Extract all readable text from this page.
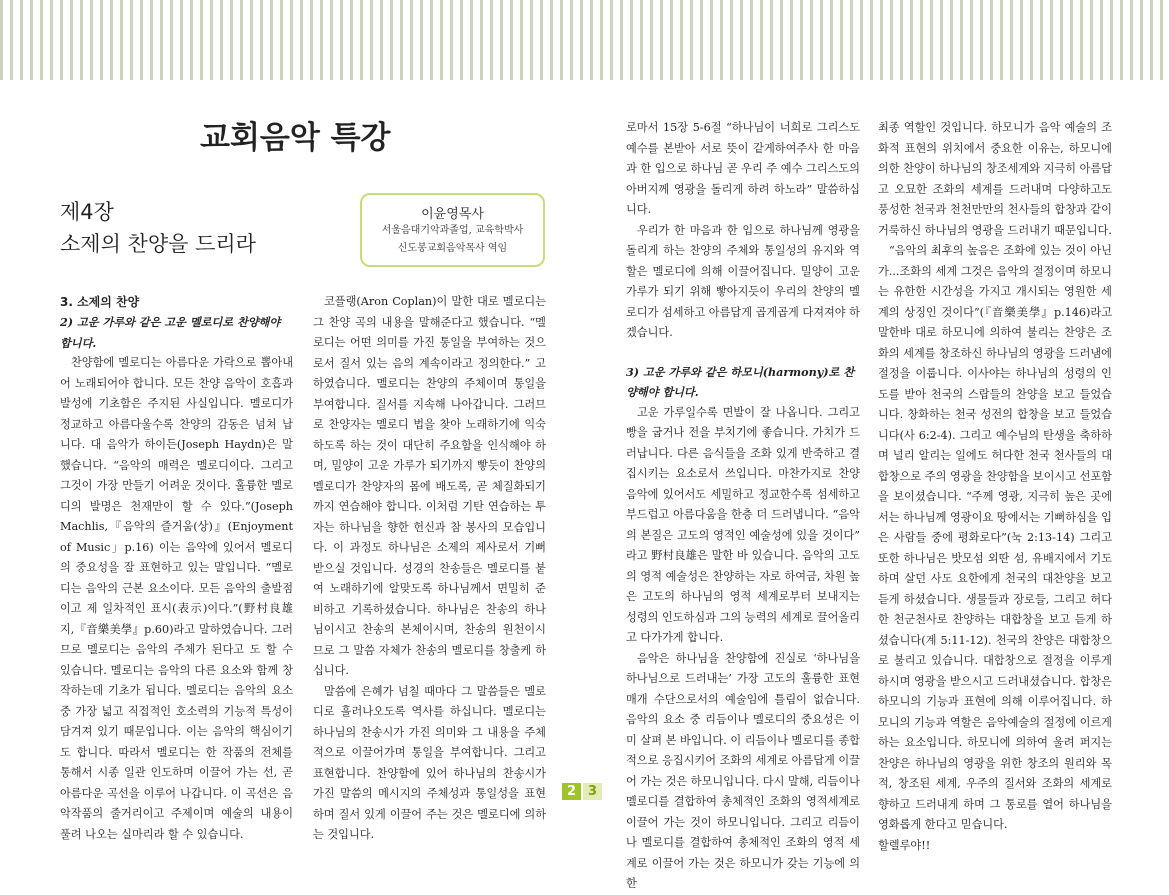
교회음악 특강
제4장
소제의 찬양을 드리라
이윤영목사
서울음대기악과졸업, 교육학박사
신도봉교회음악목사 역임

3. 소제의 찬양

2) 고운 가루와 같은 고운 멜로디로 찬양해야 합니다.

찬양함에 멜로디는 아름다운 가락으로 뽑아내어 노래되어야 합니다. 모든 찬양 음악이 호흡과 발성에 기초함은 주지된 사실입니다. 멜로디가 정교하고 아름다울수록 찬양의 감동은 넘쳐 납니다. 대 음악가 하이든(Joseph Haydn)은 말했습니다. “음악의 매력은 멜로디이다. 그리고 그것이 가장 만들기 어려운 것이다. 훌륭한 멜로디의 발명은 천재만이 할 수 있다.”(Joseph Machlis,『음악의 즐거움(상)』(Enjoyment of Music」p.16) 이는 음악에 있어서 멜로디의 중요성을 잘 표현하고 있는 말입니다. “멜로디는 음악의 근본 요소이다. 모든 음악의 출발점이고 제 일차적인 표시(表示)이다.”(野村良雄 지,『音樂美學』p.60)라고 말하였습니다. 그러므로 멜로디는 음악의 주체가 된다고 도 할 수 있습니다. 멜로디는 음악의 다른 요소와 함께 창작하는데 기초가 됩니다. 멜로디는 음악의 요소 중 가장 넓고 직접적인 호소력의 기능적 특성이 담겨져 있기 때문입니다. 이는 음악의 핵심이기도 합니다. 따라서 멜로디는 한 작품의 전체를 통해서 시종 일관 인도하며 이끌어 가는 선, 곧 아름다운 곡선을 이루어 나갑니다. 이 곡선은 음악작품의 줄거리이고 주제이며 예술의 내용이 풀려 나오는 실마리라 할 수 있습니다.

코플랭(Aron Coplan)이 말한 대로 멜로디는 그 찬양 곡의 내용을 말해준다고 했습니다. “멜로디는 어떤 의미를 가진 통일을 부여하는 것으로서 질서 있는 음의 계속이라고 정의한다.” 고 하였습니다. 멜로디는 찬양의 주체이며 통일을 부여합니다. 질서를 지속해 나아갑니다. 그러므로 찬양자는 멜로디 법을 찾아 노래하기에 익숙하도록 하는 것이 대단히 주요함을 인식해야 하며, 밀양이 고운 가루가 되기까지 빻듯이 찬양의 멜로디가 찬양자의 몸에 배도록, 곧 체질화되기까지 연습해야 합니다. 이처럼 기탄 연습하는 투자는 하나님을 향한 헌신과 참 봉사의 모습입니다. 이 과정도 하나님은 소제의 제사로서 기뻐 받으실 것입니다. 성경의 찬송들은 멜로디를 붙여 노래하기에 알맞도록 하나님께서 면밀히 준비하고 기록하셨습니다. 하나님은 찬송의 하나님이시고 찬송의 본체이시며, 찬송의 원천이시므로 그 말씀 자체가 찬송의 멜로디를 창출케 하십니다.

말씀에 은혜가 넘칠 때마다 그 말씀들은 멜로디로 흘러나오도록 역사를 하십니다. 멜로디는 하나님의 찬송시가 가진 의미와 그 내용을 주체적으로 이끌어가며 통일을 부여합니다. 그리고 표현합니다. 찬양함에 있어 하나님의 찬송시가 가진 말씀의 메시지의 주체성과 통일성을 표현하며 질서 있게 이끌어 주는 것은 멜로디에 의하는 것입니다.

로마서 15장 5-6절 “하나님이 너희로 그리스도 예수를 본받아 서로 뜻이 같게하여주사 한 마음과 한 입으로 하나님 곧 우리 주 예수 그리스도의 아버지께 영광을 돌리게 하려 하노라” 말씀하십니다.

우리가 한 마음과 한 입으로 하나님께 영광을 돌리게 하는 찬양의 주체와 통일성의 유지와 역할은 멜로디에 의해 이끌어집니다. 밀양이 고운 가루가 되기 위해 빻아지듯이 우리의 찬양의 멜로디가 섬세하고 아름답게 곱게곱게 다져져야 하겠습니다.

3) 고운 가루와 같은 하모니(harmony)로 찬양해야 합니다.

고운 가루일수록 면발이 잘 나옵니다. 그리고 빵을 굽거나 전을 부치기에 좋습니다. 가치가 드러납니다. 다른 음식들을 조화 있게 반죽하고 결집시키는 요소로서 쓰입니다. 마찬가지로 찬양 음악에 있어서도 세밀하고 정교한수록 섬세하고 부드럽고 아름다움을 한층 더 드러냅니다. “음악의 본질은 고도의 영적인 예술성에 있을 것이다” 라고 野村良雄은 말한 바 있습니다. 음악의 고도의 영적 예술성은 찬양하는 자로 하여금, 차원 높은 고도의 하나님의 영적 세계로부터 보내지는 성령의 인도하심과 그의 능력의 세계로 끌어올리고 다가가게 합니다.

음악은 하나님을 찬양함에 진실로 ‘하나님을 하나님으로 드러내는’ 가장 고도의 훌륭한 표현 매개 수단으로서의 예술임에 틀림이 없습니다. 음악의 요소 중 리듬이나 멜로디의 중요성은 이미 살펴 본 바입니다. 이 리듬이나 멜로디를 종합적으로 응집시키어 조화의 세계로 아름답게 이끌어 가는 것은 하모니입니다. 다시 말해, 리듬이나 멜로디를 결합하여 총체적인 조화의 영적세계로 이끌어 가는 것이 하모니입니다. 그리고 리듬이나 멜로디를 결합하여 총체적인 조화의 영적 세계로 이끌어 가는 것은 하모니가 갖는 기능에 의한

최종 역할인 것입니다. 하모니가 음악 예술의 조화적 표현의 위치에서 중요한 이유는, 하모니에 의한 찬양이 하나님의 창조세계와 지극히 아름답고 오묘한 조화의 세계를 드러내며 다양하고도 풍성한 천국과 천천만만의 천사들의 합창과 같이 거룩하신 하나님의 영광을 드러내기 때문입니다.

“음악의 최후의 높음은 조화에 있는 것이 아닌가...조화의 세계 그것은 음악의 절정이며 하모니는 유한한 시간성을 가지고 개시되는 영원한 세계의 상징인 것이다”(『音樂美學』p.146)라고 말한바 대로 하모니에 의하여 불리는 찬양은 조화의 세계를 창조하신 하나님의 영광을 드러냄에 절정을 이룹니다. 이사야는 하나님의 성령의 인도를 받아 천국의 스랍들의 찬양을 보고 들었습니다. 창화하는 천국 성전의 합창을 보고 들었습니다(사 6:2-4). 그리고 예수님의 탄생을 축하하며 널리 알리는 일에도 허다한 천국 천사들의 대합창으로 주의 영광을 찬양함을 보이시고 선포함을 보이셨습니다. “주께 영광, 지극히 높은 곳에서는 하나님께 영광이요 땅에서는 기뻐하심을 입은 사람들 중에 평화로다”(눅 2:13-14) 그리고 또한 하나님은 밧모섬 외딴 섬, 유배지에서 기도하며 살던 사도 요한에게 천국의 대찬양을 보고 듣게 하셨습니다. 생물들과 장로들, 그리고 허다한 천군천사로 찬양하는 대합창을 보고 듣게 하셨습니다(계 5:11-12). 천국의 찬양은 대합창으로 불리고 있습니다. 대합창으로 절정을 이루게 하시며 영광을 받으시고 드러내셨습니다. 합창은 하모니의 기능과 표현에 의해 이루어집니다. 하모니의 기능과 역할은 음악예술의 절정에 이르게 하는 요소입니다. 하모니에 의하여 울려 퍼지는 찬양은 하나님의 영광을 위한 창조의 원리와 목적, 창조된 세계, 우주의 질서와 조화의 세계로 향하고 드러내게 하며 그 통로를 열어 하나님을 영화롭게 한다고 믿습니다.

할렐루야!!

2 3
